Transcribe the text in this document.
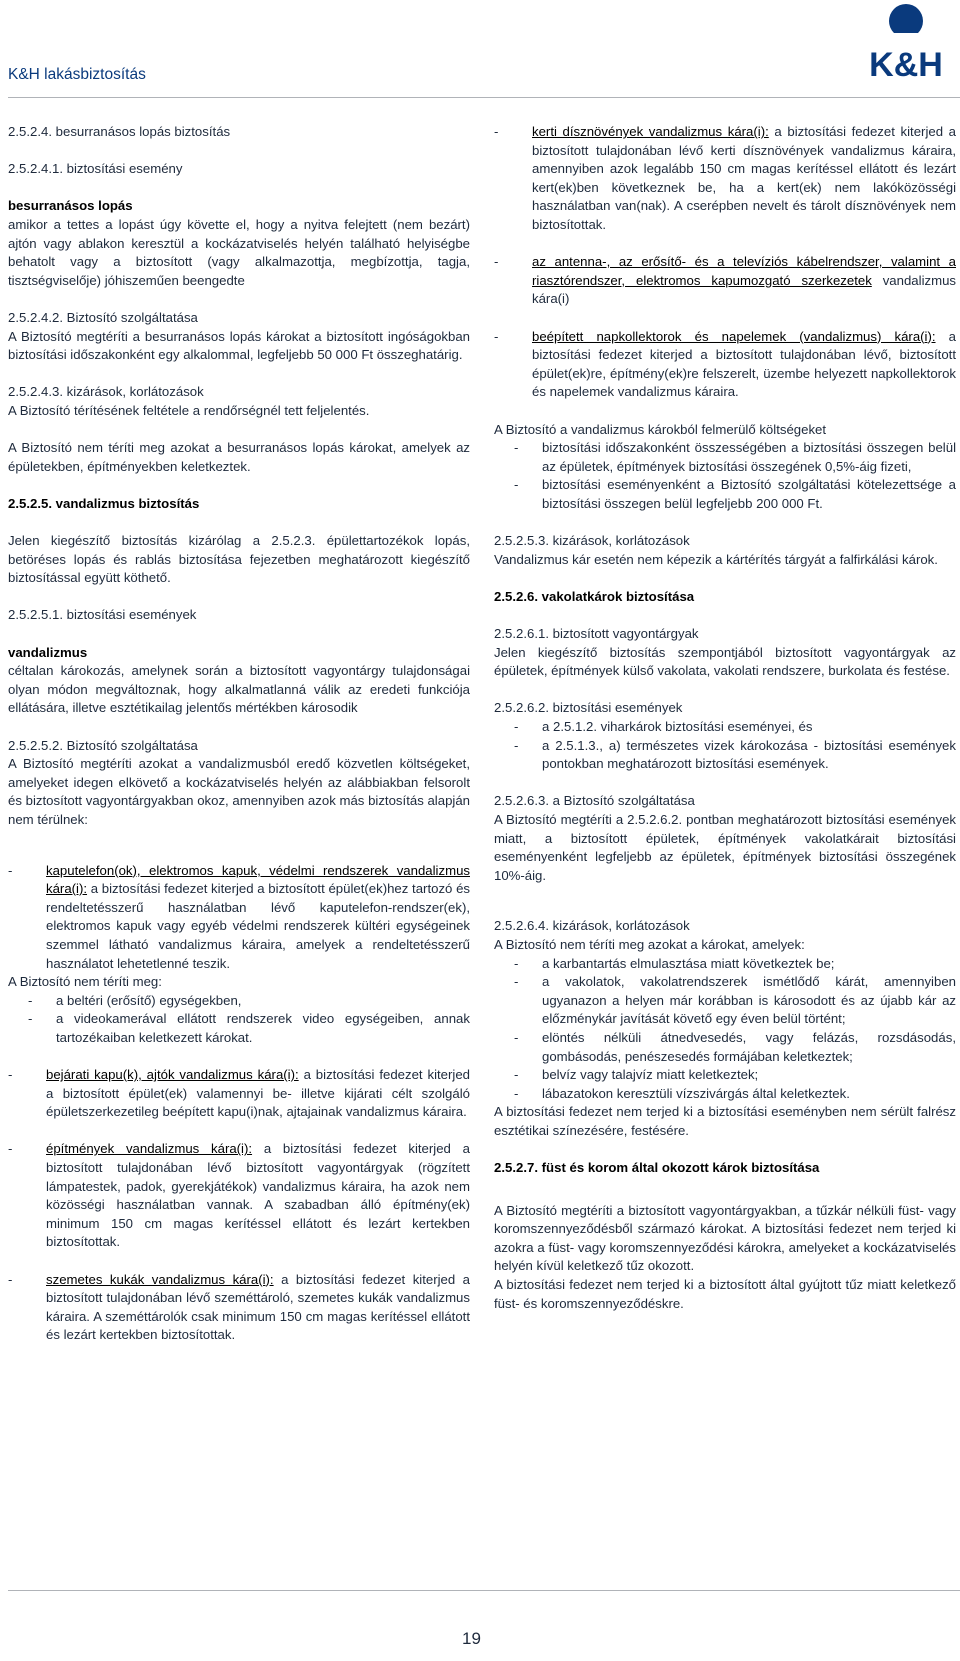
K&H lakásbiztosítás	K&H

2.5.2.4. besurranásos lopás biztosítás

2.5.2.4.1. biztosítási esemény

besurranásos lopás

amikor a tettes a lopást úgy követte el, hogy a nyitva felejtett (nem bezárt) ajtón vagy ablakon keresztül a kockázatviselés helyén található helyiségbe behatolt vagy a biztosított (vagy alkalmazottja, megbízottja, tagja, tisztségviselője) jóhiszeműen beengedte

2.5.2.4.2. Biztosító szolgáltatása

A Biztosító megtéríti a besurranásos lopás károkat a biztosított ingóságokban biztosítási időszakonként egy alkalommal, legfeljebb 50 000 Ft összeghatárig.

2.5.2.4.3. kizárások, korlátozások

A Biztosító térítésének feltétele a rendőrségnél tett feljelentés.

A Biztosító nem téríti meg azokat a besurranásos lopás károkat, amelyek az épületekben, építményekben keletkeztek.

2.5.2.5. vandalizmus biztosítás

Jelen kiegészítő biztosítás kizárólag a 2.5.2.3. épülettartozékok lopás, betöréses lopás és rablás biztosítása fejezetben meghatározott kiegészítő biztosítással együtt köthető.

2.5.2.5.1. biztosítási események

vandalizmus

céltalan károkozás, amelynek során a biztosított vagyontárgy tulajdonságai olyan módon megváltoznak, hogy alkalmatlanná válik az eredeti funkciója ellátására, illetve esztétikailag jelentős mértékben károsodik

2.5.2.5.2. Biztosító szolgáltatása

A Biztosító megtéríti azokat a vandalizmusból eredő közvetlen költségeket, amelyeket idegen elkövető a kockázatviselés helyén az alábbiakban felsorolt és biztosított vagyontárgyakban okoz, amennyiben azok más biztosítás alapján nem térülnek:

-	kaputelefon(ok), elektromos kapuk, védelmi rendszerek vandalizmus kára(i): a biztosítási fedezet kiterjed a biztosított épület(ek)hez tartozó és rendeltetésszerű használatban lévő kaputelefon-rendszer(ek), elektromos kapuk vagy egyéb védelmi rendszerek kültéri egységeinek szemmel látható vandalizmus káraira, amelyek a rendeltetésszerű használatot lehetetlenné teszik.

A Biztosító nem téríti meg:

-	a beltéri (erősítő) egységekben,
-	a videokamerával ellátott rendszerek video egységeiben, annak tartozékaiban keletkezett károkat.
-	bejárati kapu(k), ajtók vandalizmus kára(i): a biztosítási fedezet kiterjed a biztosított épület(ek) valamennyi be- illetve kijárati célt szolgáló épületszerkezetileg beépített kapu(i)nak, ajtajainak vandalizmus káraira.
-	építmények vandalizmus kára(i): a biztosítási fedezet kiterjed a biztosított tulajdonában lévő biztosított vagyontárgyak (rögzített lámpatestek, padok, gyerekjátékok) vandalizmus káraira, ha azok nem közösségi használatban vannak. A szabadban álló építmény(ek) minimum 150 cm magas kerítéssel ellátott és lezárt kertekben biztosítottak.
-	szemetes kukák vandalizmus kára(i): a biztosítási fedezet kiterjed a biztosított tulajdonában lévő szeméttároló, szemetes kukák vandalizmus káraira. A szeméttárolók csak minimum 150 cm magas kerítéssel ellátott és lezárt kertekben biztosítottak.
-	kerti dísznövények vandalizmus kára(i): a biztosítási fedezet kiterjed a biztosított tulajdonában lévő kerti dísznövények vandalizmus káraira, amennyiben azok legalább 150 cm magas kerítéssel ellátott és lezárt kert(ek)ben következnek be, ha a kert(ek) nem lakóközösségi használatban van(nak). A cserépben nevelt és tárolt dísznövények nem biztosítottak.
-	az antenna-, az erősítő- és a televíziós kábelrendszer, valamint a riasztórendszer, elektromos kapumozgató szerkezetek vandalizmus kára(i)
-	beépített napkollektorok és napelemek (vandalizmus) kára(i): a biztosítási fedezet kiterjed a biztosított tulajdonában lévő, biztosított épület(ek)re, építmény(ek)re felszerelt, üzembe helyezett napkollektorok és napelemek vandalizmus káraira.

A Biztosító a vandalizmus károkból felmerülő költségeket

-	biztosítási időszakonként összességében a biztosítási összegen belül az épületek, építmények biztosítási összegének 0,5%-áig fizeti,
-	biztosítási eseményenként a Biztosító szolgáltatási kötelezettsége a biztosítási összegen belül legfeljebb 200 000 Ft.

2.5.2.5.3. kizárások, korlátozások

Vandalizmus kár esetén nem képezik a kártérítés tárgyát a falfirkálási károk.

2.5.2.6. vakolatkárok biztosítása

2.5.2.6.1. biztosított vagyontárgyak

Jelen kiegészítő biztosítás szempontjából biztosított vagyontárgyak az épületek, építmények külső vakolata, vakolati rendszere, burkolata és festése.

2.5.2.6.2. biztosítási események

-	a 2.5.1.2. viharkárok biztosítási eseményei, és
-	a 2.5.1.3., a) természetes vizek károkozása - biztosítási események pontokban meghatározott biztosítási események.

2.5.2.6.3. a Biztosító szolgáltatása

A Biztosító megtéríti a 2.5.2.6.2. pontban meghatározott biztosítási események miatt, a biztosított épületek, építmények vakolatkárait biztosítási eseményenként legfeljebb az épületek, építmények biztosítási összegének 10%-áig.

2.5.2.6.4. kizárások, korlátozások

A Biztosító nem téríti meg azokat a károkat, amelyek:

-	a karbantartás elmulasztása miatt következtek be;
-	a vakolatok, vakolatrendszerek ismétlődő kárát, amennyiben ugyanazon a helyen már korábban is károsodott és az újabb kár az előzménykár javítását követő egy éven belül történt;
-	elöntés nélküli átnedvesedés, vagy felázás, rozsdásodás, gombásodás, penészesedés formájában keletkeztek;
-	belvíz vagy talajvíz miatt keletkeztek;
-	lábazatokon keresztüli vízszivárgás által keletkeztek.

A biztosítási fedezet nem terjed ki a biztosítási eseményben nem sérült falrész esztétikai színezésére, festésére.

2.5.2.7. füst és korom által okozott károk biztosítása

A Biztosító megtéríti a biztosított vagyontárgyakban, a tűzkár nélküli füst- vagy koromszennyeződésből származó károkat. A biztosítási fedezet nem terjed ki azokra a füst- vagy koromszennyeződési károkra, amelyeket a kockázatviselés helyén kívül keletkező tűz okozott.

A biztosítási fedezet nem terjed ki a biztosított által gyújtott tűz miatt keletkező füst- és koromszennyeződéskre.

19
